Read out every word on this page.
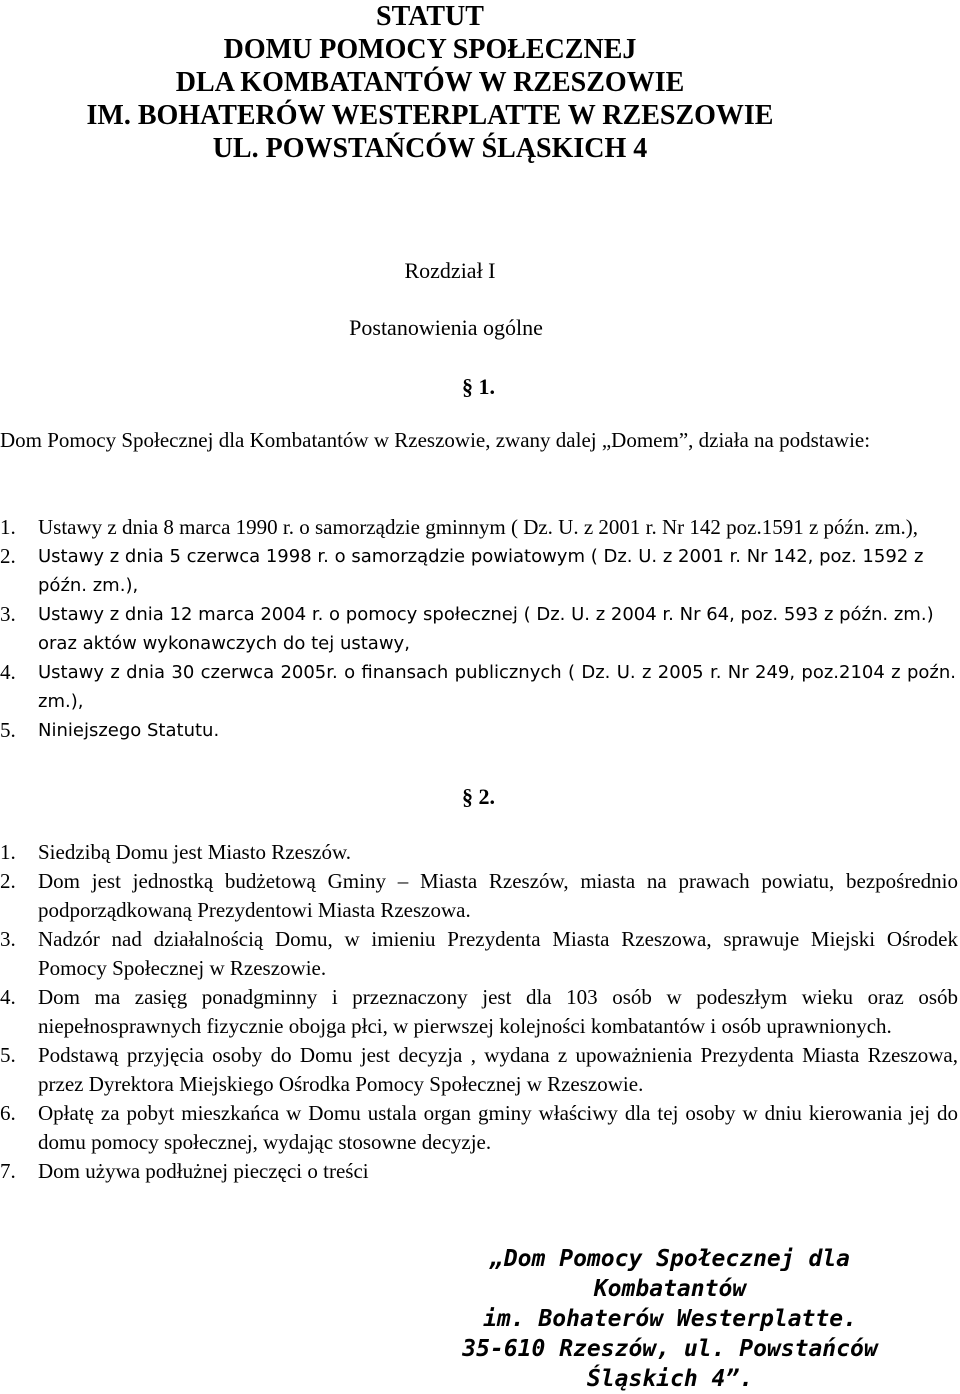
STATUT
DOMU POMOCY SPOŁECZNEJ
DLA KOMBATANTÓW W RZESZOWIE
IM. BOHATERÓW WESTERPLATTE W RZESZOWIE
UL. POWSTAŃCÓW ŚLĄSKICH 4
Rozdział I
Postanowienia ogólne
§ 1.
Dom Pomocy Społecznej dla Kombatantów w Rzeszowie, zwany dalej „Domem”, działa na podstawie:
1. Ustawy z dnia 8 marca 1990 r. o samorządzie gminnym ( Dz. U. z 2001 r. Nr 142 poz.1591 z późn. zm.),
2. Ustawy z dnia 5 czerwca 1998 r. o samorządzie powiatowym ( Dz. U. z 2001 r. Nr 142, poz. 1592 z późn. zm.),
3. Ustawy z dnia 12 marca 2004 r. o pomocy społecznej ( Dz. U. z 2004 r. Nr 64, poz. 593 z późn. zm.) oraz aktów wykonawczych do tej ustawy,
4. Ustawy z dnia 30 czerwca 2005r. o finansach publicznych ( Dz. U. z 2005 r. Nr 249, poz.2104 z poźn. zm.),
5. Niniejszego Statutu.
§ 2.
1. Siedzibą Domu jest Miasto Rzeszów.
2. Dom jest jednostką budżetową Gminy – Miasta Rzeszów, miasta na prawach powiatu, bezpośrednio podporządkowaną Prezydentowi Miasta Rzeszowa.
3. Nadzór nad działalnością Domu, w imieniu Prezydenta Miasta Rzeszowa, sprawuje Miejski Ośrodek Pomocy Społecznej w Rzeszowie.
4. Dom ma zasięg ponadgminny i przeznaczony jest dla 103 osób w podeszłym wieku oraz osób niepełnosprawnych fizycznie obojga płci, w pierwszej kolejności kombatantów i osób uprawnionych.
5. Podstawą przyjęcia osoby do Domu jest decyzja , wydana z upoważnienia Prezydenta Miasta Rzeszowa, przez Dyrektora Miejskiego Ośrodka Pomocy Społecznej w Rzeszowie.
6. Opłatę za pobyt mieszkańca w Domu ustala organ gminy właściwy dla tej osoby w dniu kierowania jej do domu pomocy społecznej, wydając stosowne decyzje.
7. Dom używa podłużnej pieczęci o treści
„Dom Pomocy Społecznej dla
Kombatantów
im. Bohaterów Westerplatte.
35-610 Rzeszów, ul. Powstańców
Śląskich 4”.
